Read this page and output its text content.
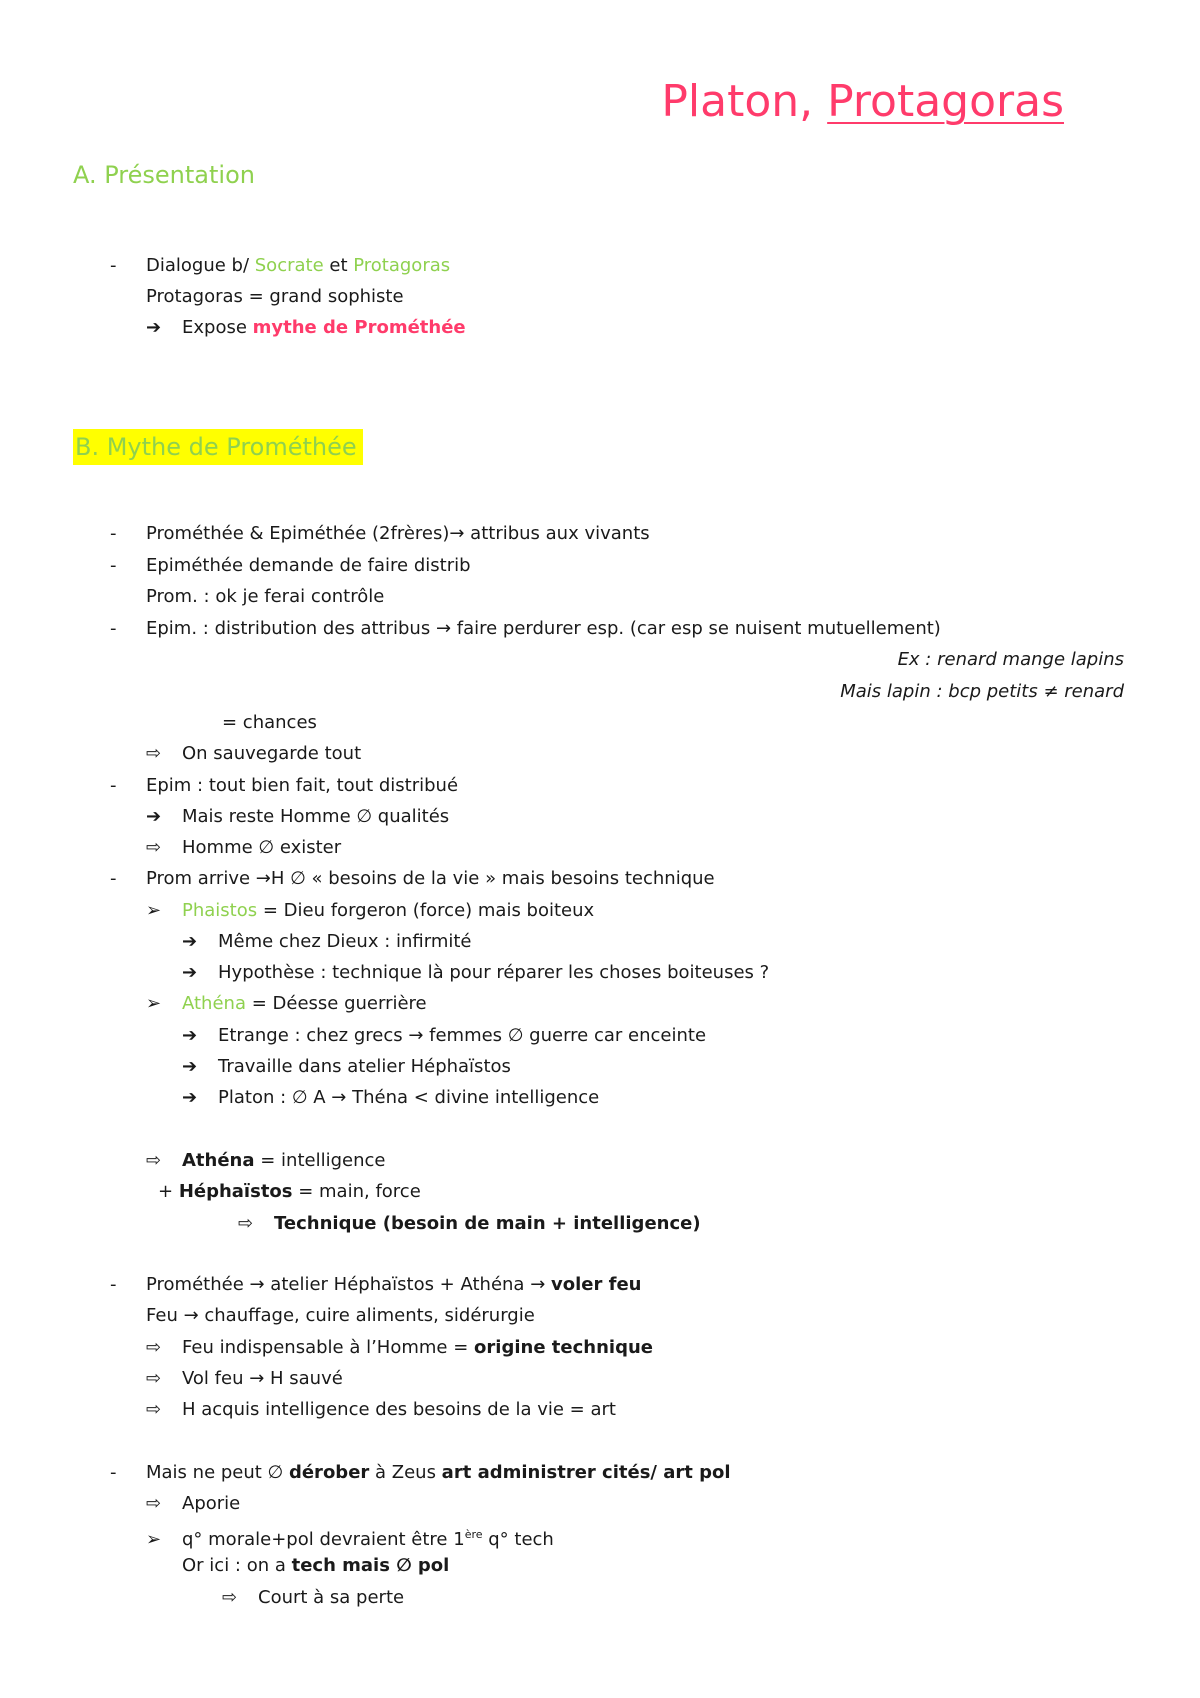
Platon, Protagoras
A. Présentation
- Dialogue b/ Socrate et Protagoras
Protagoras = grand sophiste
➔ Expose mythe de Prométhée
B. Mythe de Prométhée
- Prométhée & Epiméthée (2frères)→ attribus aux vivants
- Epiméthée demande de faire distrib
Prom. : ok je ferai contrôle
- Epim. : distribution des attribus → faire perdurer esp. (car esp se nuisent mutuellement)
Ex : renard mange lapins
Mais lapin : bcp petits ≠ renard
= chances
⇨ On sauvegarde tout
- Epim : tout bien fait, tout distribué
➔ Mais reste Homme ∅ qualités
⇨ Homme ∅ exister
- Prom arrive →H ∅ « besoins de la vie » mais besoins technique
➢ Phaistos = Dieu forgeron (force) mais boiteux
➔ Même chez Dieux : infirmité
➔ Hypothèse : technique là pour réparer les choses boiteuses ?
➢ Athéna = Déesse guerrière
➔ Etrange : chez grecs → femmes ∅ guerre car enceinte
➔ Travaille dans atelier Héphaïstos
➔ Platon : ∅ A → Théna < divine intelligence
⇨ Athéna = intelligence
+ Héphaïstos = main, force
⇨ Technique (besoin de main + intelligence)
- Prométhée → atelier Héphaïstos + Athéna → voler feu
Feu → chauffage, cuire aliments, sidérurgie
⇨ Feu indispensable à l’Homme = origine technique
⇨ Vol feu → H sauvé
⇨ H acquis intelligence des besoins de la vie = art
- Mais ne peut ∅ dérober à Zeus art administrer cités/ art pol
⇨ Aporie
➢ q° morale+pol devraient être 1ère q° tech
Or ici : on a tech mais ∅ pol
⇨ Court à sa perte
